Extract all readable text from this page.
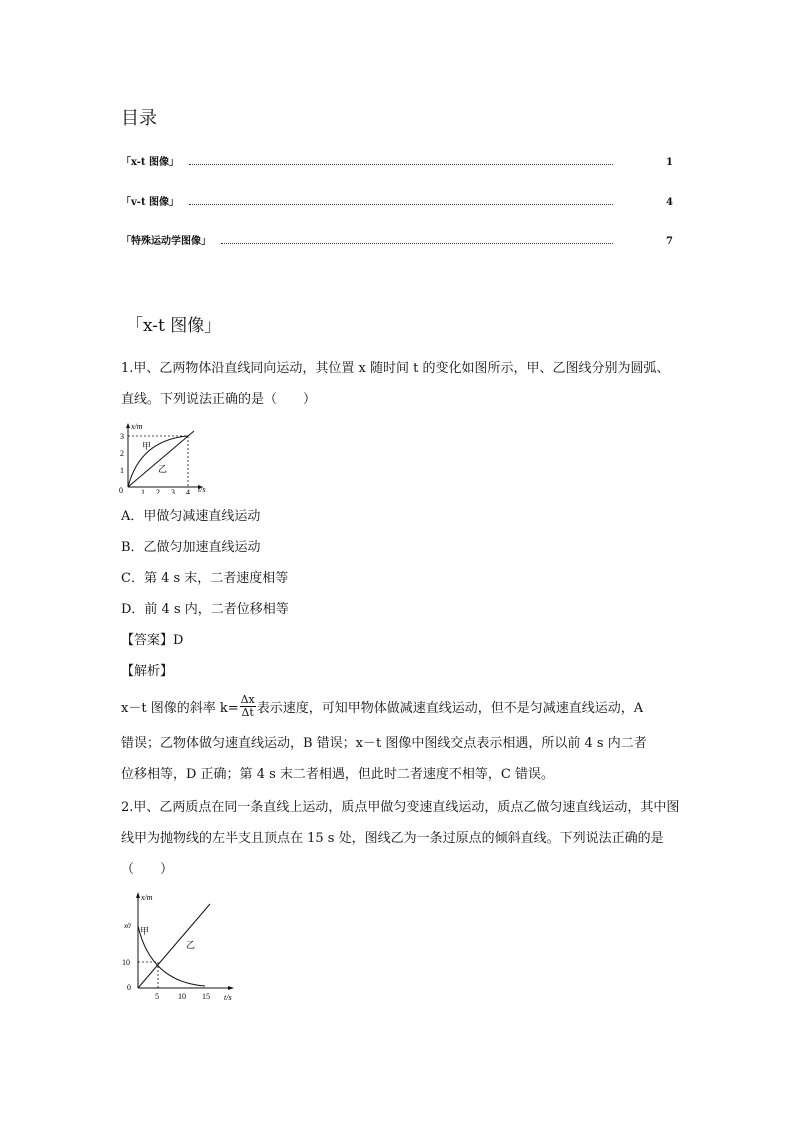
目录
「x-t 图像」	1
「v-t 图像」	4
「特殊运动学图像」	7
「x-t 图像」
1.甲、乙两物体沿直线同向运动，其位置 x 随时间 t 的变化如图所示，甲、乙图线分别为圆弧、直线。下列说法正确的是（　　）
x/m
t/s
0
1
2
3
1 2 3 4
甲
乙
A．甲做匀减速直线运动
B．乙做匀加速直线运动
C．第 4 s 末，二者速度相等
D．前 4 s 内，二者位移相等
【答案】D
【解析】
x－t 图像的斜率 $k= \frac{\Delta x}{\Delta t}$ 表示速度，可知甲物体做减速直线运动，但不是匀减速直线运动，A
错误；乙物体做匀速直线运动，B 错误；x－t 图像中图线交点表示相遇，所以前 4 s 内二者
位移相等，D 正确；第 4 s 末二者相遇，但此时二者速度不相等，C 错误。
2.甲、乙两质点在同一条直线上运动，质点甲做匀变速直线运动，质点乙做匀速直线运动，其中图线甲为抛物线的左半支且顶点在 15 s 处，图线乙为一条过原点的倾斜直线。下列说法正确的是（　　）
x/m
t/s
0
x0
10
5 10 15
甲
乙
